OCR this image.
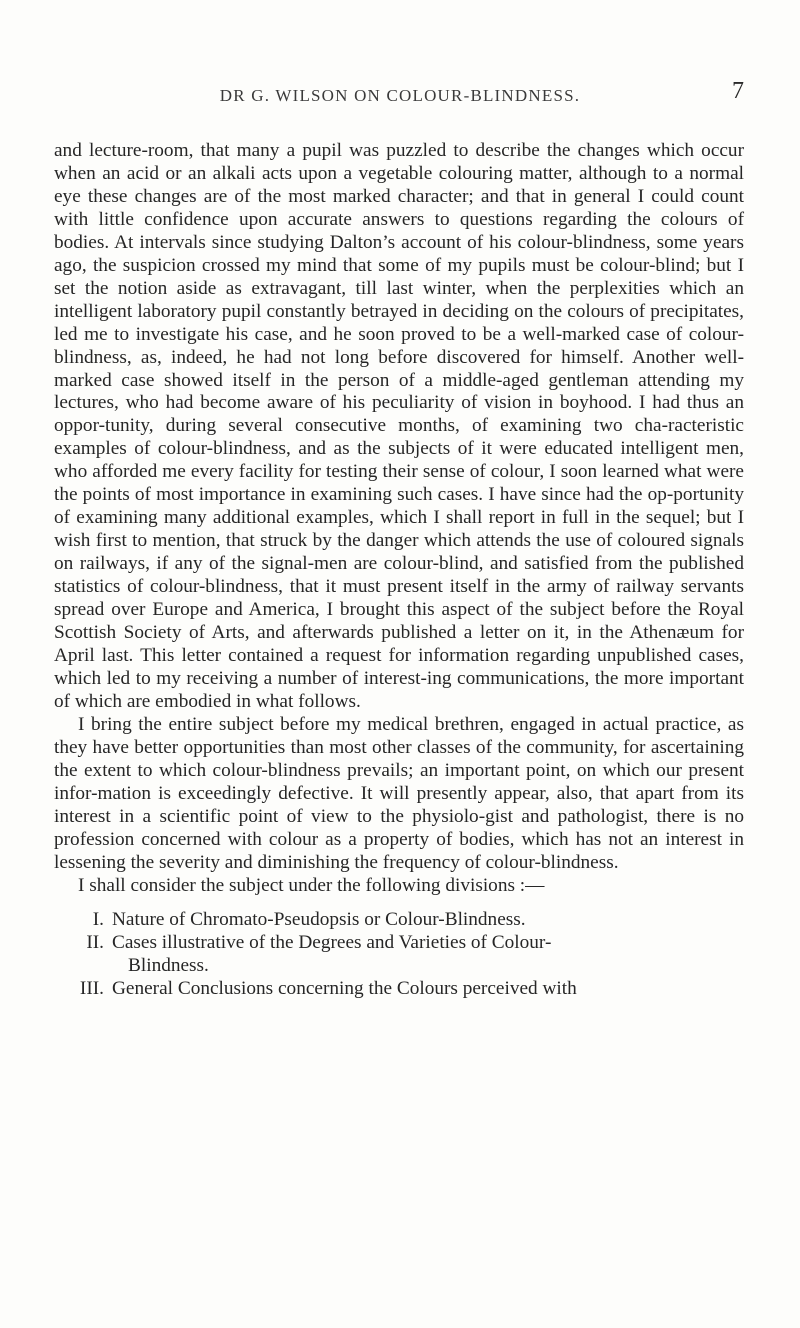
DR G. WILSON ON COLOUR-BLINDNESS.	7

and lecture-room, that many a pupil was puzzled to describe the changes which occur when an acid or an alkali acts upon a vegetable colouring matter, although to a normal eye these changes are of the most marked character; and that in general I could count with little confidence upon accurate answers to questions regarding the colours of bodies. At intervals since studying Dalton’s account of his colour-blindness, some years ago, the suspicion crossed my mind that some of my pupils must be colour-blind; but I set the notion aside as extravagant, till last winter, when the perplexities which an intelligent laboratory pupil constantly betrayed in deciding on the colours of precipitates, led me to investigate his case, and he soon proved to be a well-marked case of colour-blindness, as, indeed, he had not long before discovered for himself. Another well-marked case showed itself in the person of a middle-aged gentleman attending my lectures, who had become aware of his peculiarity of vision in boyhood. I had thus an oppor-tunity, during several consecutive months, of examining two cha-racteristic examples of colour-blindness, and as the subjects of it were educated intelligent men, who afforded me every facility for testing their sense of colour, I soon learned what were the points of most importance in examining such cases. I have since had the op-portunity of examining many additional examples, which I shall report in full in the sequel; but I wish first to mention, that struck by the danger which attends the use of coloured signals on railways, if any of the signal-men are colour-blind, and satisfied from the published statistics of colour-blindness, that it must present itself in the army of railway servants spread over Europe and America, I brought this aspect of the subject before the Royal Scottish Society of Arts, and afterwards published a letter on it, in the Athenæum for April last. This letter contained a request for information regarding unpublished cases, which led to my receiving a number of interest-ing communications, the more important of which are embodied in what follows.

I bring the entire subject before my medical brethren, engaged in actual practice, as they have better opportunities than most other classes of the community, for ascertaining the extent to which colour-blindness prevails; an important point, on which our present infor-mation is exceedingly defective. It will presently appear, also, that apart from its interest in a scientific point of view to the physiolo-gist and pathologist, there is no profession concerned with colour as a property of bodies, which has not an interest in lessening the severity and diminishing the frequency of colour-blindness.

I shall consider the subject under the following divisions :—

I. Nature of Chromato-Pseudopsis or Colour-Blindness.
II. Cases illustrative of the Degrees and Varieties of Colour-
Blindness.
III. General Conclusions concerning the Colours perceived with
